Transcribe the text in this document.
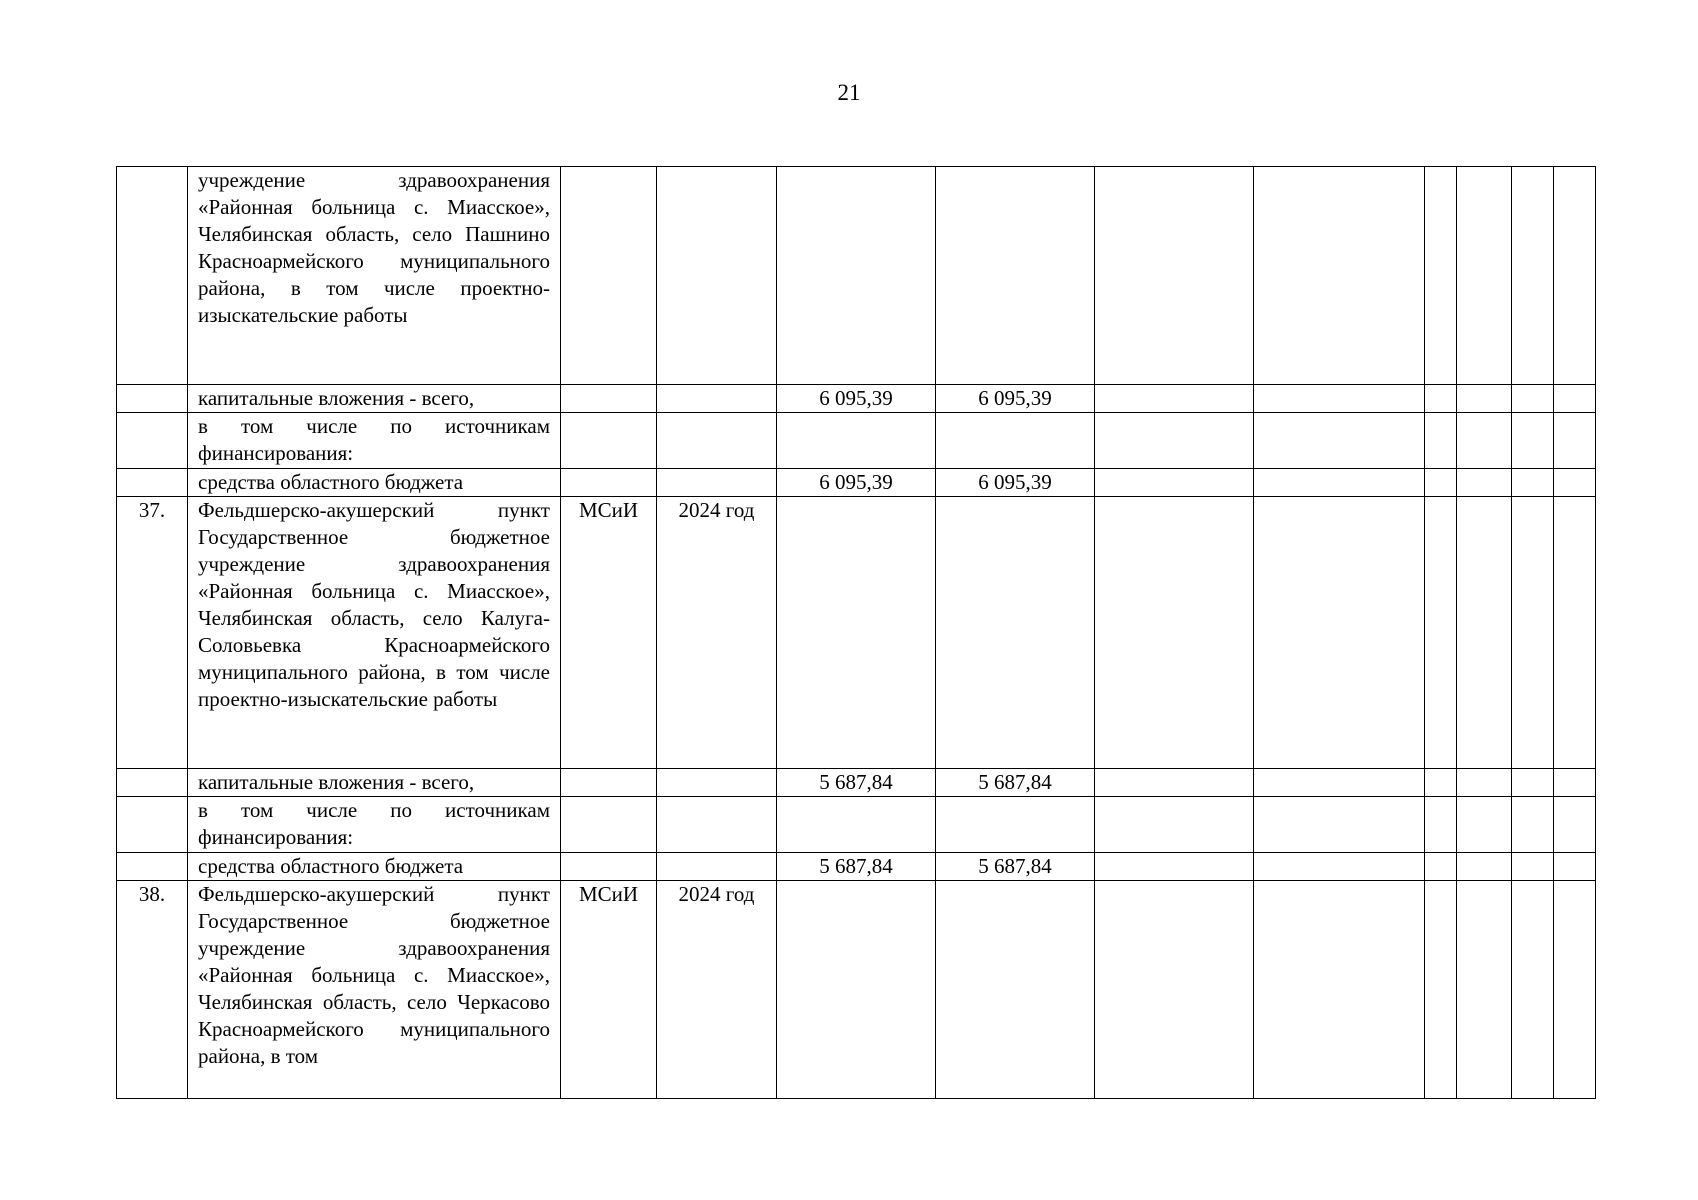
21
	учреждение здравоохранения «Районная больница с. Миасское», Челябинская область, село Пашнино Красноармейского муниципального района, в том числе проектно-изыскательские работы										
	капитальные вложения - всего,			6 095,39	6 095,39						
	в том числе по источникам финансирования:										
	средства областного бюджета			6 095,39	6 095,39						
37.	Фельдшерско-акушерский пункт Государственное бюджетное учреждение здравоохранения «Районная больница с. Миасское», Челябинская область, село Калуга-Соловьевка Красноармейского муниципального района, в том числе проектно-изыскательские работы	МСиИ	2024 год								
	капитальные вложения - всего,			5 687,84	5 687,84						
	в том числе по источникам финансирования:										
	средства областного бюджета			5 687,84	5 687,84						
38.	Фельдшерско-акушерский пункт Государственное бюджетное учреждение здравоохранения «Районная больница с. Миасское», Челябинская область, село Черкасово Красноармейского муниципального района, в том	МСиИ	2024 год								
